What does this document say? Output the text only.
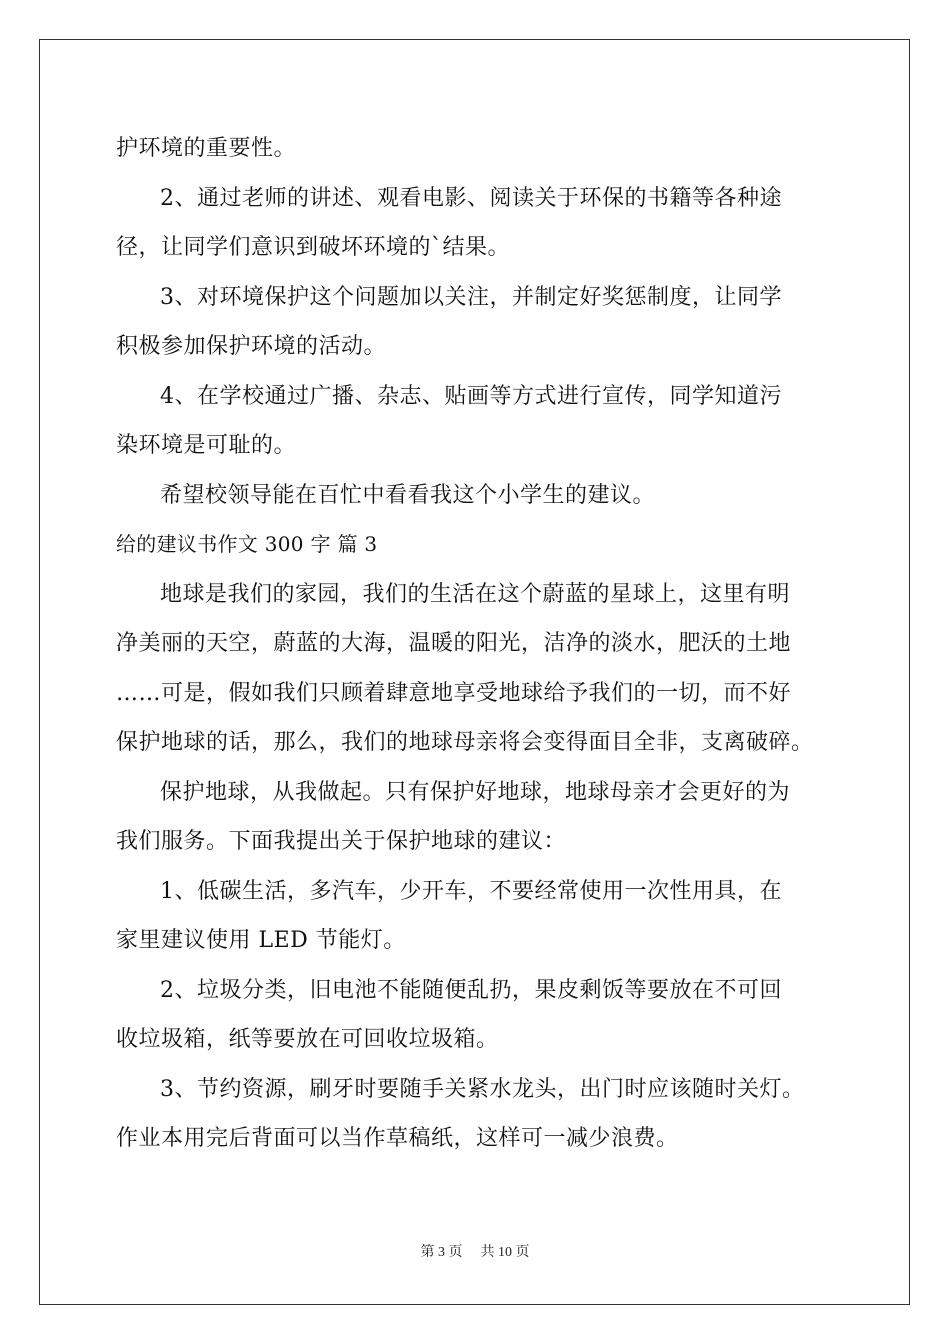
护环境的重要性。

2、通过老师的讲述、观看电影、阅读关于环保的书籍等各种途

径，让同学们意识到破坏环境的`结果。

3、对环境保护这个问题加以关注，并制定好奖惩制度，让同学

积极参加保护环境的活动。

4、在学校通过广播、杂志、贴画等方式进行宣传，同学知道污

染环境是可耻的。

希望校领导能在百忙中看看我这个小学生的建议。

给的建议书作文 300 字 篇 3

地球是我们的家园，我们的生活在这个蔚蓝的星球上，这里有明

净美丽的天空，蔚蓝的大海，温暖的阳光，洁净的淡水，肥沃的土地

……可是，假如我们只顾着肆意地享受地球给予我们的一切，而不好

保护地球的话，那么，我们的地球母亲将会变得面目全非，支离破碎。

保护地球，从我做起。只有保护好地球，地球母亲才会更好的为

我们服务。下面我提出关于保护地球的建议：

1、低碳生活，多汽车，少开车，不要经常使用一次性用具，在

家里建议使用 LED 节能灯。

2、垃圾分类，旧电池不能随便乱扔，果皮剩饭等要放在不可回

收垃圾箱，纸等要放在可回收垃圾箱。

3、节约资源，刷牙时要随手关紧水龙头，出门时应该随时关灯。

作业本用完后背面可以当作草稿纸，这样可一减少浪费。

第 3 页 共 10 页
